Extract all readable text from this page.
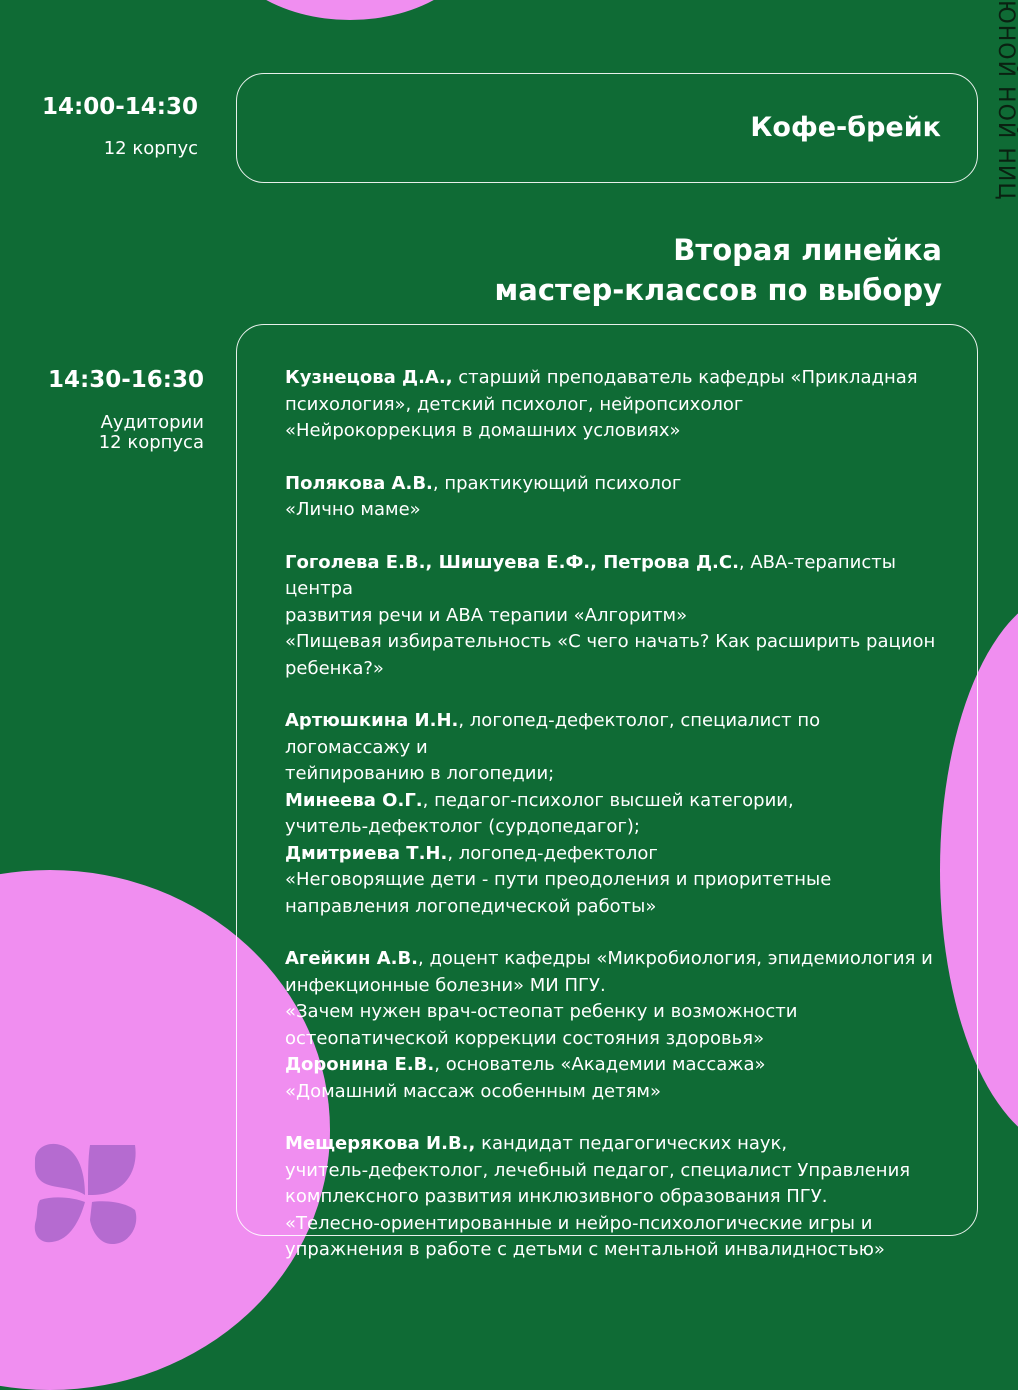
ЮНОЙ НОЙ НИЦ
14:00-14:30
12 корпус
Кофе-брейк
Вторая линейка
мастер-классов по выбору
14:30-16:30
Аудитории
12 корпуса
Кузнецова Д.А., старший преподаватель кафедры «Прикладная
психология», детский психолог, нейропсихолог
«Нейрокоррекция в домашних условиях»
Полякова А.В., практикующий психолог
«Лично маме»
Гоголева Е.В., Шишуева Е.Ф., Петрова Д.С., АВА-тераписты центра
развития речи и АВА терапии «Алгоритм»
«Пищевая избирательность «С чего начать? Как расширить рацион
ребенка?»
Артюшкина И.Н., логопед-дефектолог, специалист по логомассажу и
тейпированию в логопедии;
Минеева О.Г., педагог-психолог высшей категории,
учитель-дефектолог (сурдопедагог);
Дмитриева Т.Н., логопед-дефектолог
«Неговорящие дети - пути преодоления и приоритетные
направления логопедической работы»
Агейкин А.В., доцент кафедры «Микробиология, эпидемиология и
инфекционные болезни» МИ ПГУ.
«Зачем нужен врач-остеопат ребенку и возможности
остеопатической коррекции состояния здоровья»
Доронина Е.В., основатель «Академии массажа»
«Домашний массаж особенным детям»
Мещерякова И.В., кандидат педагогических наук,
учитель-дефектолог, лечебный педагог, специалист Управления
комплексного развития инклюзивного образования ПГУ.
«Телесно-ориентированные и нейро-психологические игры и
упражнения в работе с детьми с ментальной инвалидностью»
